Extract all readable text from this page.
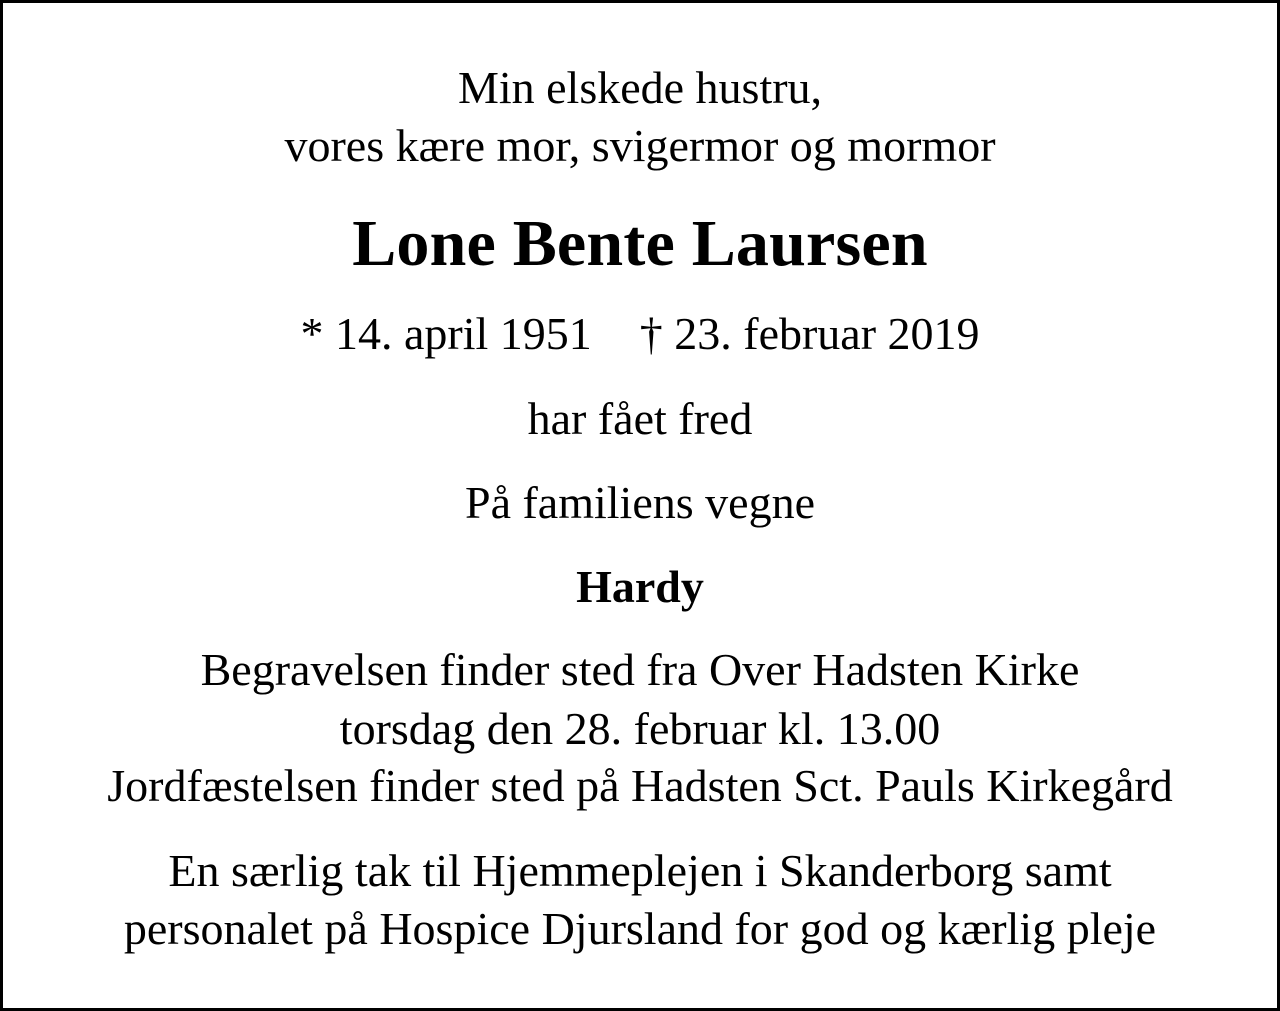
Min elskede hustru,
vores kære mor, svigermor og mormor
Lone Bente Laursen
* 14. april 1951 † 23. februar 2019
har fået fred
På familiens vegne
Hardy
Begravelsen finder sted fra Over Hadsten Kirke
torsdag den 28. februar kl. 13.00
Jordfæstelsen finder sted på Hadsten Sct. Pauls Kirkegård
En særlig tak til Hjemmeplejen i Skanderborg samt
personalet på Hospice Djursland for god og kærlig pleje
